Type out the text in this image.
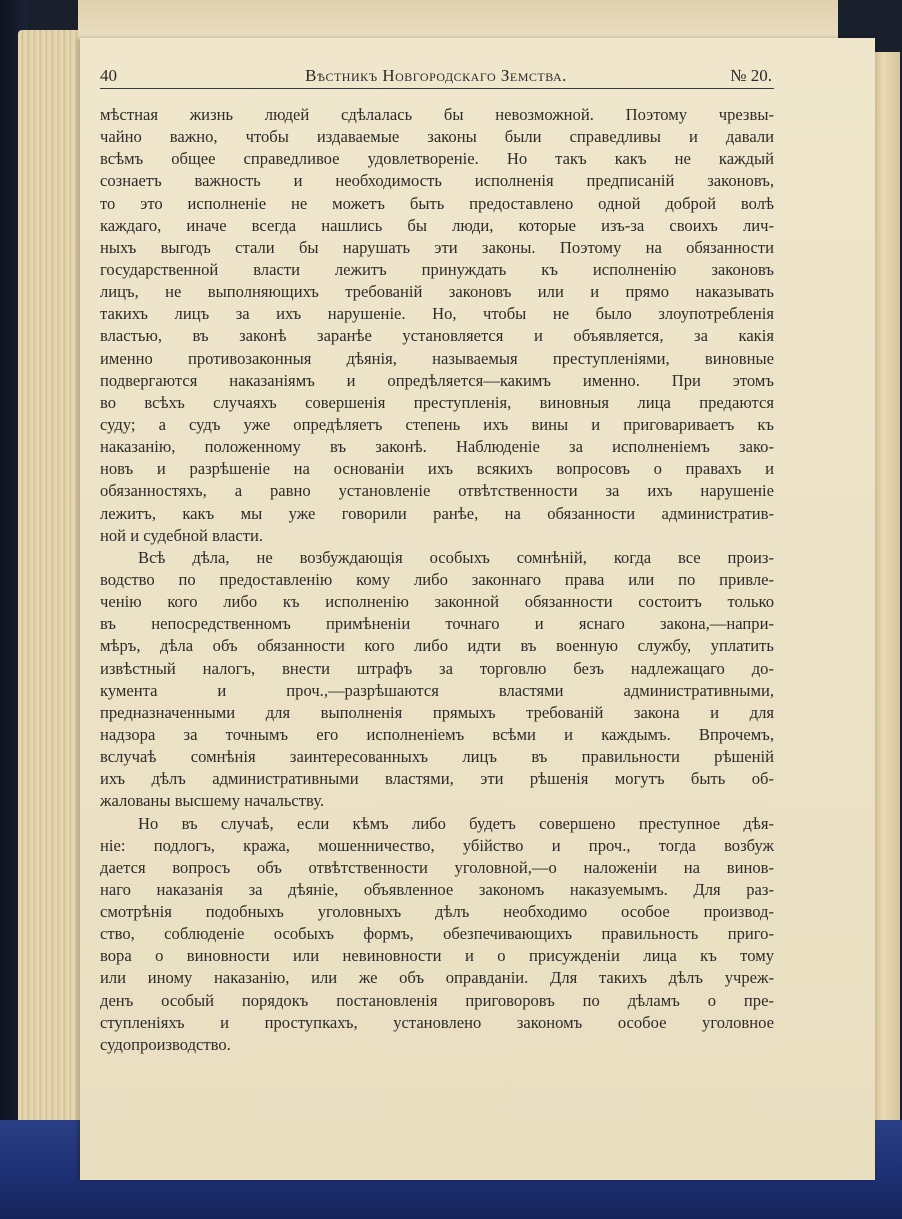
40	Вѣстникъ Новгородскаго Земства.	№ 20.
мѣстная жизнь людей сдѣлалась бы невозможной. Поэтому чрезвы-
чайно важно, чтобы издаваемые законы были справедливы и давали
всѣмъ общее справедливое удовлетвореніе. Но такъ какъ не каждый
сознаетъ важность и необходимость исполненія предписаній законовъ,
то это исполненіе не можетъ быть предоставлено одной доброй волѣ
каждаго, иначе всегда нашлись бы люди, которые изъ-за своихъ лич-
ныхъ выгодъ стали бы нарушать эти законы. Поэтому на обязанности
государственной власти лежитъ принуждать къ исполненію законовъ
лицъ, не выполняющихъ требованій законовъ или и прямо наказывать
такихъ лицъ за ихъ нарушеніе. Но, чтобы не было злоупотребленія
властью, въ законѣ заранѣе установляется и объявляется, за какія
именно противозаконныя дѣянія, называемыя преступленіями, виновные
подвергаются наказаніямъ и опредѣляется—какимъ именно. При этомъ
во всѣхъ случаяхъ совершенія преступленія, виновныя лица предаются
суду; а судъ уже опредѣляетъ степень ихъ вины и приговариваетъ къ
наказанію, положенному въ законѣ. Наблюденіе за исполненіемъ зако-
новъ и разрѣшеніе на основаніи ихъ всякихъ вопросовъ о правахъ и
обязанностяхъ, а равно установленіе отвѣтственности за ихъ нарушеніе
лежитъ, какъ мы уже говорили ранѣе, на обязанности административ-
ной и судебной власти.
Всѣ дѣла, не возбуждающія особыхъ сомнѣній, когда все произ-
водство по предоставленію кому либо законнаго права или по привле-
ченію кого либо къ исполненію законной обязанности состоитъ только
въ непосредственномъ примѣненіи точнаго и яснаго закона,—напри-
мѣръ, дѣла объ обязанности кого либо идти въ военную службу, уплатить
извѣстный налогъ, внести штрафъ за торговлю безъ надлежащаго до-
кумента и проч.,—разрѣшаются властями административными,
предназначенными для выполненія прямыхъ требованій закона и для
надзора за точнымъ его исполненіемъ всѣми и каждымъ. Впрочемъ,
вслучаѣ сомнѣнія заинтересованныхъ лицъ въ правильности рѣшеній
ихъ дѣлъ административными властями, эти рѣшенія могутъ быть об-
жалованы высшему начальству.
Но въ случаѣ, если кѣмъ либо будетъ совершено преступное дѣя-
ніе: подлогъ, кража, мошенничество, убійство и проч., тогда возбуж
дается вопросъ объ отвѣтственности уголовной,—о наложеніи на винов-
наго наказанія за дѣяніе, объявленное закономъ наказуемымъ. Для раз-
смотрѣнія подобныхъ уголовныхъ дѣлъ необходимо особое производ-
ство, соблюденіе особыхъ формъ, обезпечивающихъ правильность приго-
вора о виновности или невиновности и о присужденіи лица къ тому
или иному наказанію, или же объ оправданіи. Для такихъ дѣлъ учреж-
денъ особый порядокъ постановленія приговоровъ по дѣламъ о пре-
ступленіяхъ и проступкахъ, установлено закономъ особое уголовное
судопроизводство.
